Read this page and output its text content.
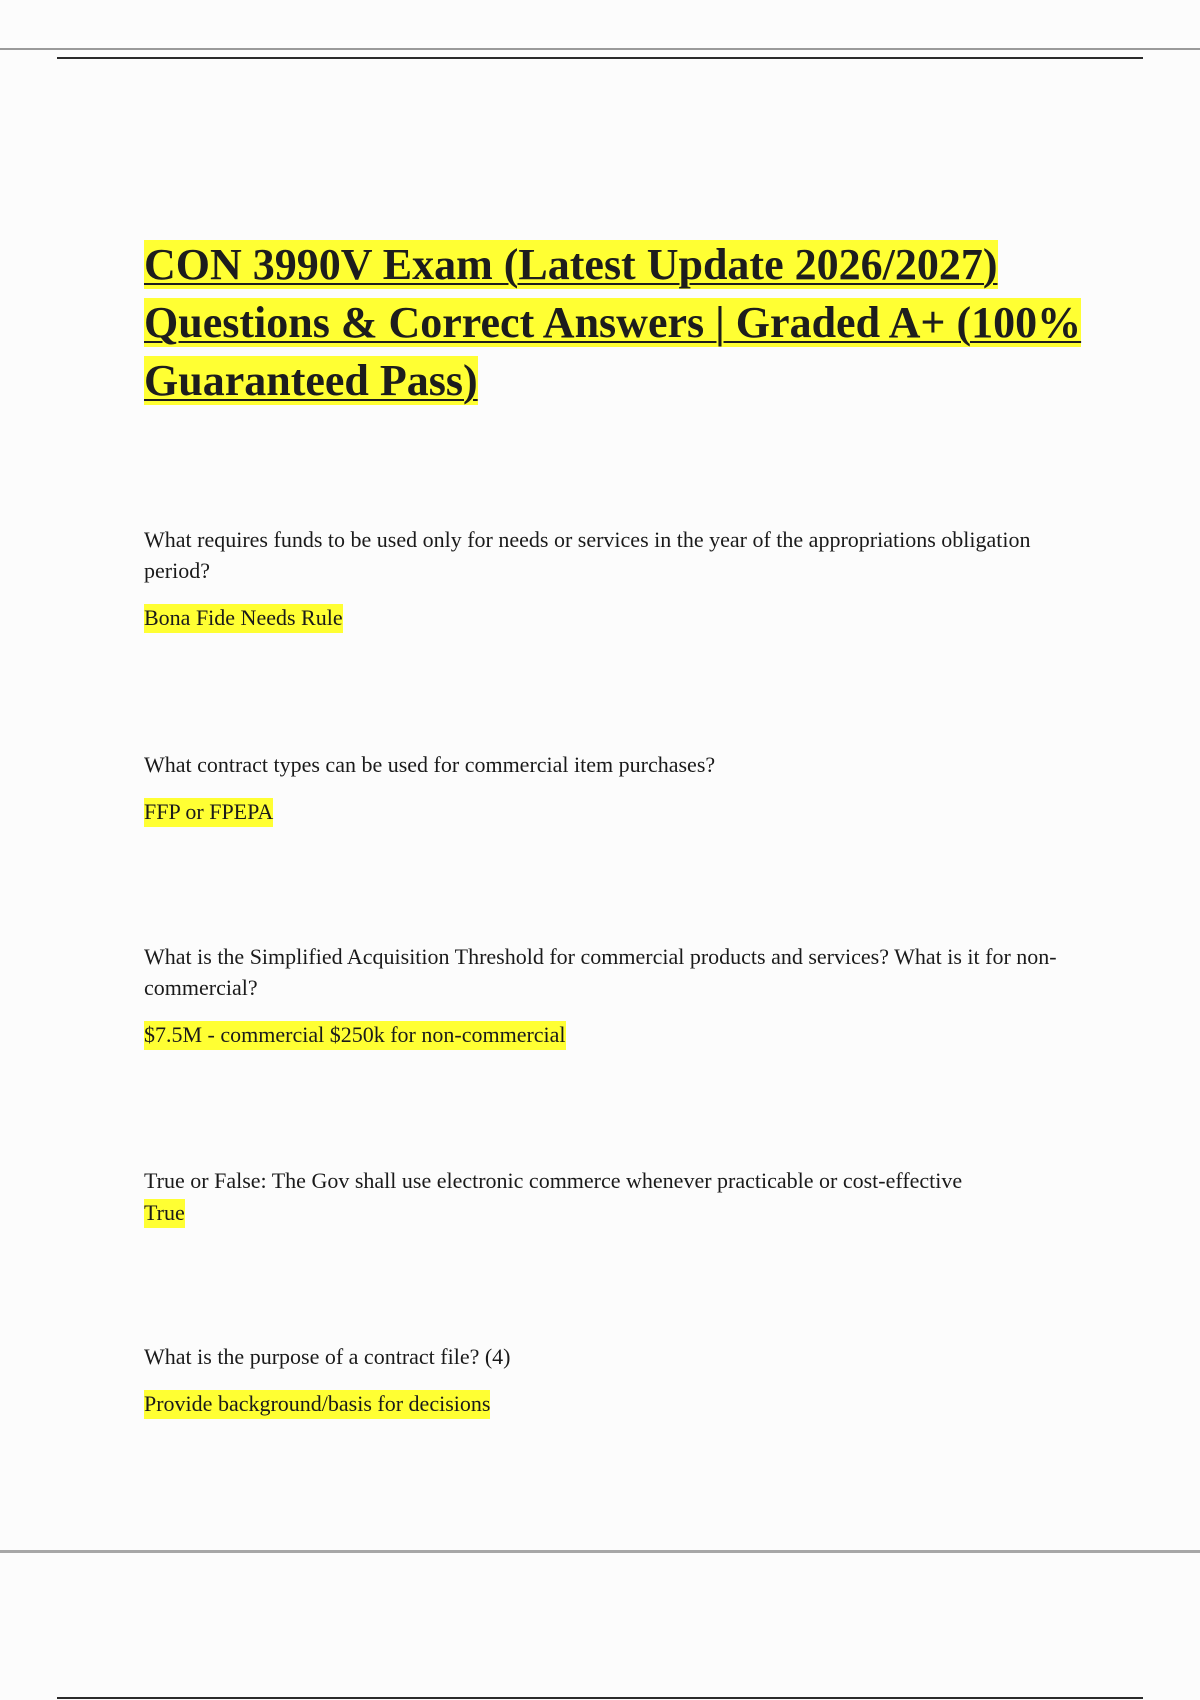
CON 3990V Exam (Latest Update 2026/2027) Questions & Correct Answers | Graded A+ (100% Guaranteed Pass)

What requires funds to be used only for needs or services in the year of the appropriations obligation period?

Bona Fide Needs Rule

What contract types can be used for commercial item purchases?

FFP or FPEPA

What is the Simplified Acquisition Threshold for commercial products and services? What is it for non-commercial?

$7.5M - commercial $250k for non-commercial

True or False: The Gov shall use electronic commerce whenever practicable or cost-effective

True

What is the purpose of a contract file? (4)

Provide background/basis for decisions
